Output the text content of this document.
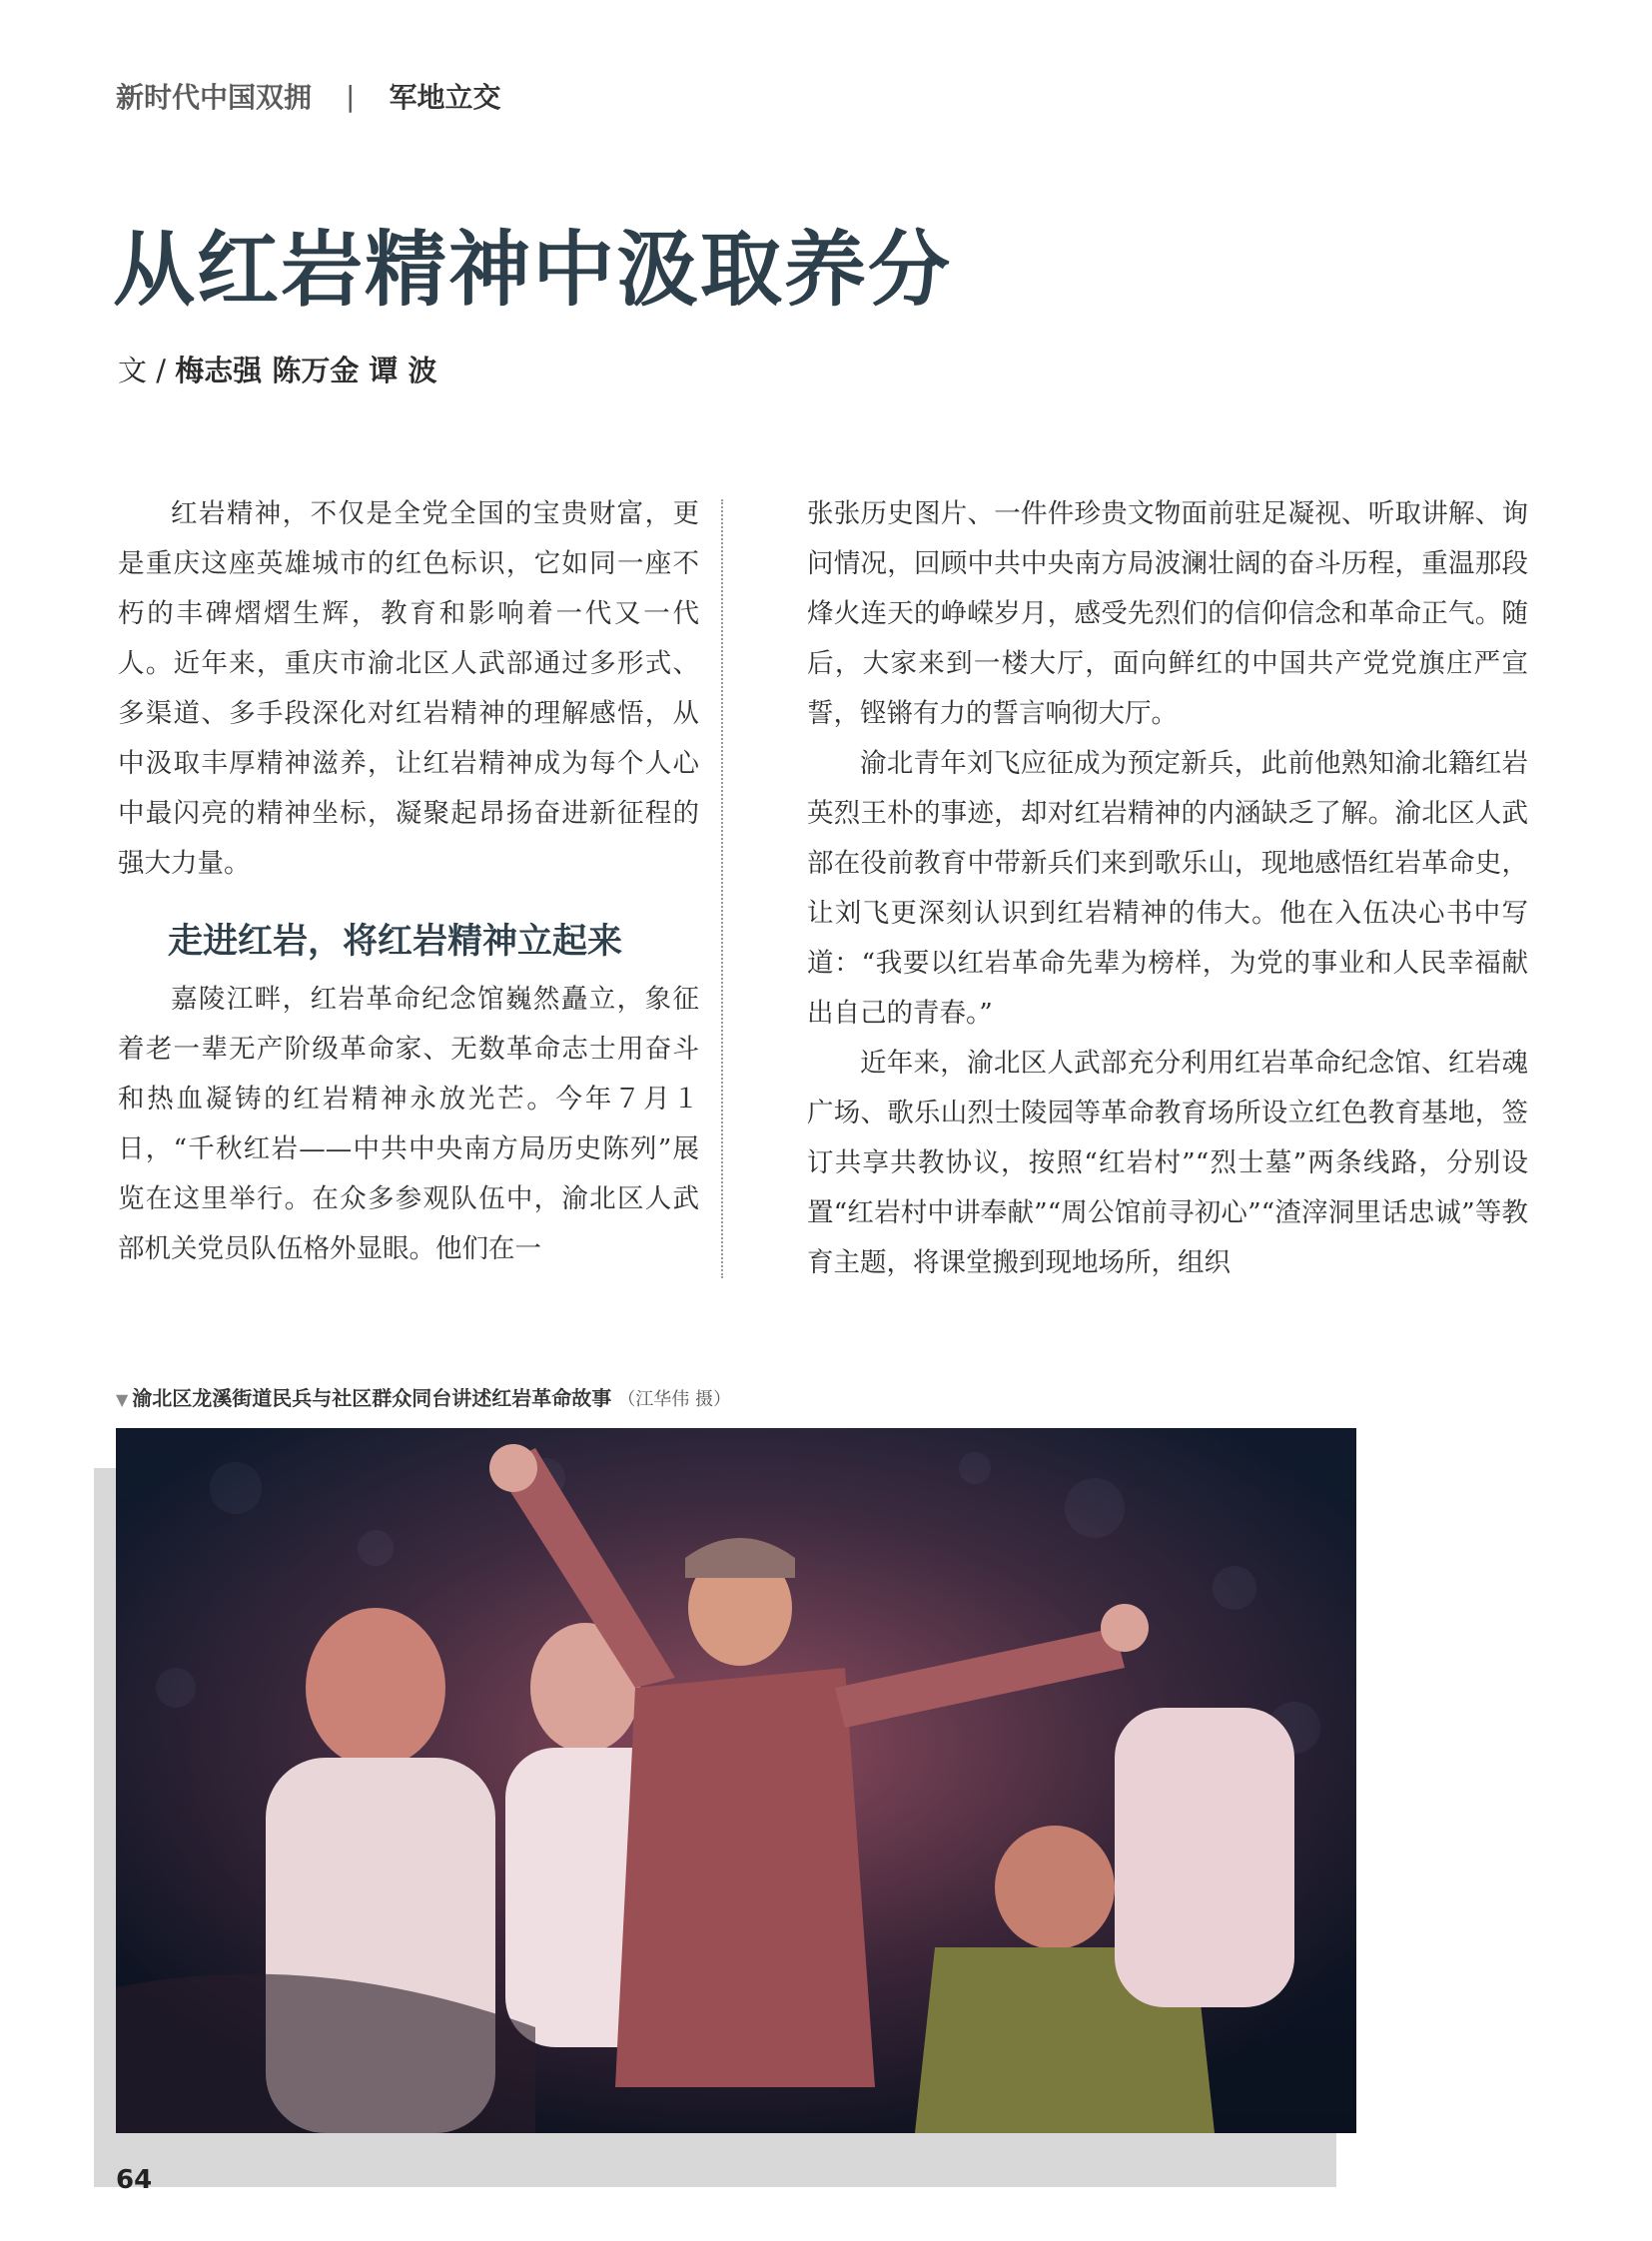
新时代中国双拥 | 军地立交
从红岩精神中汲取养分
文 / 梅志强 陈万金 谭 波

红岩精神，不仅是全党全国的宝贵财富，更是重庆这座英雄城市的红色标识，它如同一座不朽的丰碑熠熠生辉，教育和影响着一代又一代人。近年来，重庆市渝北区人武部通过多形式、多渠道、多手段深化对红岩精神的理解感悟，从中汲取丰厚精神滋养，让红岩精神成为每个人心中最闪亮的精神坐标，凝聚起昂扬奋进新征程的强大力量。

走进红岩，将红岩精神立起来

嘉陵江畔，红岩革命纪念馆巍然矗立，象征着老一辈无产阶级革命家、无数革命志士用奋斗和热血凝铸的红岩精神永放光芒。今年７月１日，“千秋红岩——中共中央南方局历史陈列”展览在这里举行。在众多参观队伍中，渝北区人武部机关党员队伍格外显眼。他们在一

张张历史图片、一件件珍贵文物面前驻足凝视、听取讲解、询问情况，回顾中共中央南方局波澜壮阔的奋斗历程，重温那段烽火连天的峥嵘岁月，感受先烈们的信仰信念和革命正气。随后，大家来到一楼大厅，面向鲜红的中国共产党党旗庄严宣誓，铿锵有力的誓言响彻大厅。

渝北青年刘飞应征成为预定新兵，此前他熟知渝北籍红岩英烈王朴的事迹，却对红岩精神的内涵缺乏了解。渝北区人武部在役前教育中带新兵们来到歌乐山，现地感悟红岩革命史，让刘飞更深刻认识到红岩精神的伟大。他在入伍决心书中写道：“我要以红岩革命先辈为榜样，为党的事业和人民幸福献出自己的青春。”

近年来，渝北区人武部充分利用红岩革命纪念馆、红岩魂广场、歌乐山烈士陵园等革命教育场所设立红色教育基地，签订共享共教协议，按照“红岩村”“烈士墓”两条线路，分别设置“红岩村中讲奉献”“周公馆前寻初心”“渣滓洞里话忠诚”等教育主题，将课堂搬到现地场所，组织

▼ 渝北区龙溪街道民兵与社区群众同台讲述红岩革命故事 （江华伟 摄）
64
